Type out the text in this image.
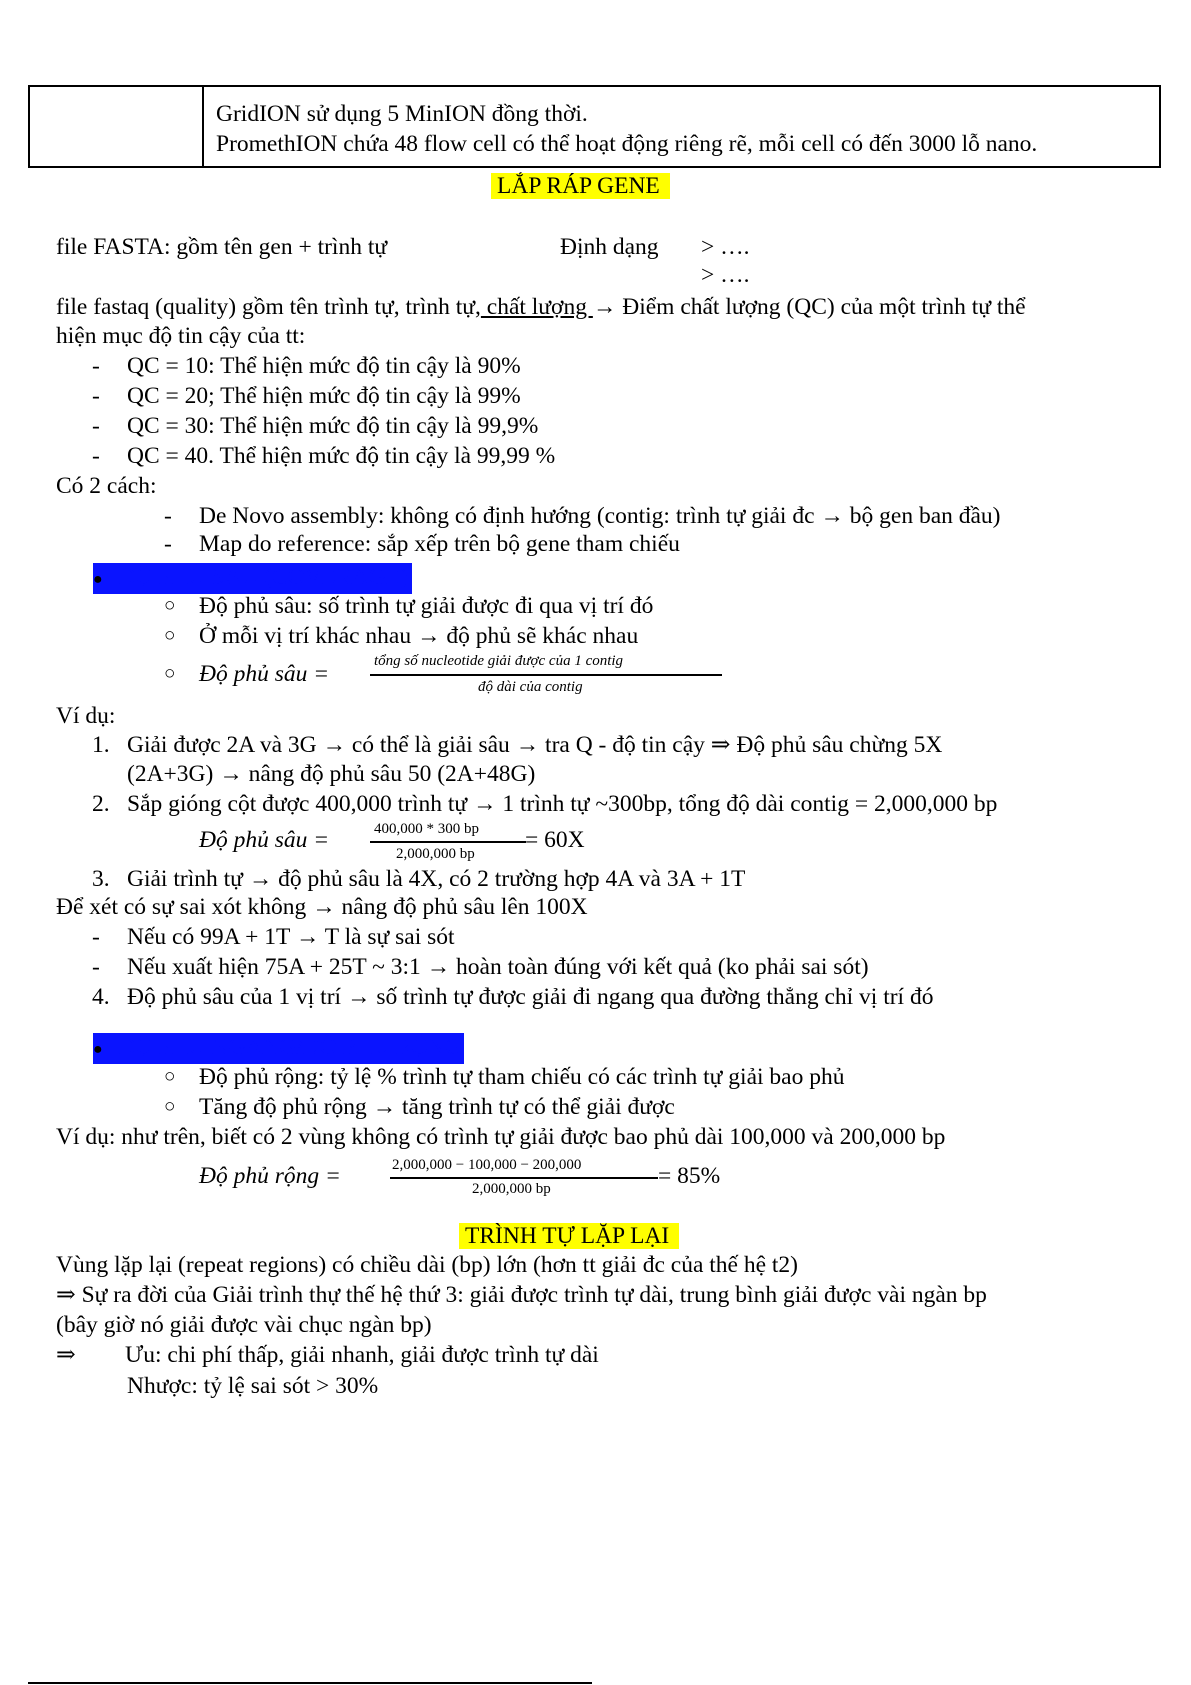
GridION sử dụng 5 MinION đồng thời.
PromethION chứa 48 flow cell có thể hoạt động riêng rẽ, mỗi cell có đến 3000 lỗ nano.
LẮP RÁP GENE
file FASTA: gồm tên gen + trình tự	Định dạng > ….
> ….
file fastaq (quality) gồm tên trình tự, trình tự, chất lượng → Điểm chất lượng (QC) của một trình tự thể
hiện mục độ tin cậy của tt:
- QC = 10: Thể hiện mức độ tin cậy là 90%
- QC = 20; Thể hiện mức độ tin cậy là 99%
- QC = 30: Thể hiện mức độ tin cậy là 99,9%
- QC = 40. Thể hiện mức độ tin cậy là 99,99 %
Có 2 cách:
- De Novo assembly: không có định hướng (contig: trình tự giải đc → bộ gen ban đầu)
- Map do reference: sắp xếp trên bộ gene tham chiếu
● ĐỘ PHỦ SÂU (COVERAGE)
○ Độ phủ sâu: số trình tự giải được đi qua vị trí đó
○ Ở mỗi vị trí khác nhau → độ phủ sẽ khác nhau
○ Độ phủ sâu =	tổng số nucleotide giải được của 1 contig
độ dài của contig
Ví dụ:
1. Giải được 2A và 3G → có thể là giải sâu → tra Q - độ tin cậy ⇒ Độ phủ sâu chừng 5X
(2A+3G) → nâng độ phủ sâu 50 (2A+48G)
2. Sắp gióng cột được 400,000 trình tự → 1 trình tự ~300bp, tổng độ dài contig = 2,000,000 bp
Độ phủ sâu =	400,000 * 300 bp
2,000,000 bp
= 60X
3. Giải trình tự → độ phủ sâu là 4X, có 2 trường hợp 4A và 3A + 1T
Để xét có sự sai xót không → nâng độ phủ sâu lên 100X
- Nếu có 99A + 1T → T là sự sai sót
- Nếu xuất hiện 75A + 25T ~ 3:1 → hoàn toàn đúng với kết quả (ko phải sai sót)
4. Độ phủ sâu của 1 vị trí → số trình tự được giải đi ngang qua đường thẳng chỉ vị trí đó
● ĐỘ PHỦ NGANG/ĐỘ PHỦ RỘNG
○ Độ phủ rộng: tỷ lệ % trình tự tham chiếu có các trình tự giải bao phủ
○ Tăng độ phủ rộng → tăng trình tự có thể giải được
Ví dụ: như trên, biết có 2 vùng không có trình tự giải được bao phủ dài 100,000 và 200,000 bp
Độ phủ rộng =	2,000,000 − 100,000 − 200,000
2,000,000 bp	= 85%
TRÌNH TỰ LẶP LẠI
Vùng lặp lại (repeat regions) có chiều dài (bp) lớn (hơn tt giải đc của thế hệ t2)
⇒ Sự ra đời của Giải trình thự thế hệ thứ 3: giải được trình tự dài, trung bình giải được vài ngàn bp
(bây giờ nó giải được vài chục ngàn bp)
⇒ Ưu: chi phí thấp, giải nhanh, giải được trình tự dài
Nhược: tỷ lệ sai sót > 30%
